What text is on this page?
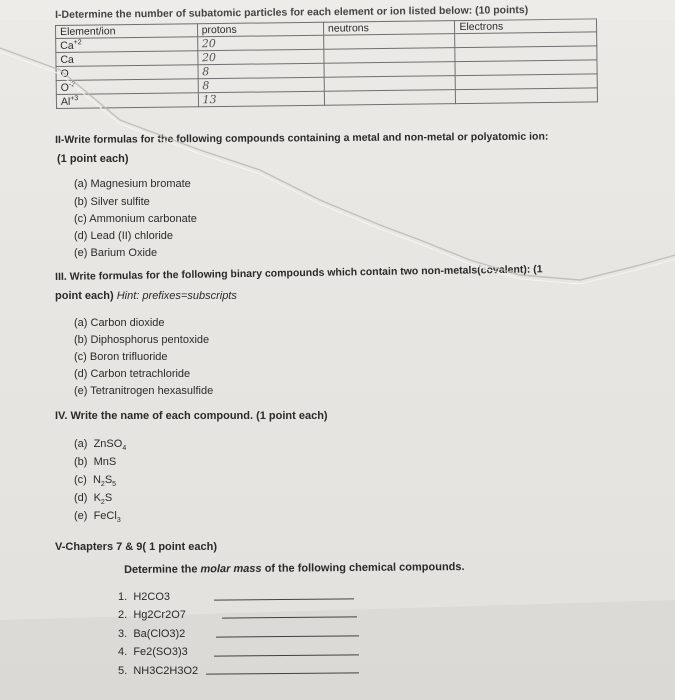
I-Determine the number of subatomic particles for each element or ion listed below: (10 points)
Element/ion	protons	neutrons	Electrons
$Ca^{+2}$	20		
Ca	20		
O	8		
$O^{-2}$	8		
$Al^{+3}$	13		
II-Write formulas for the following compounds containing a metal and non-metal or polyatomic ion:
(1 point each)
(a) Magnesium bromate
(b) Silver sulfite
(c) Ammonium carbonate
(d) Lead (II) chloride
(e) Barium Oxide
III. Write formulas for the following binary compounds which contain two non-metals(covalent): (1
point each) Hint: prefixes=subscripts
(a) Carbon dioxide
(b) Diphosphorus pentoxide
(c) Boron trifluoride
(d) Carbon tetrachloride
(e) Tetranitrogen hexasulfide
IV. Write the name of each compound. (1 point each)
(a) ZnSO$_4$
(b) MnS
(c) $N_2S_5$
(d) $K_2S$
(e) FeCl$_3$
V-Chapters 7 & 9( 1 point each)
Determine the molar mass of the following chemical compounds.
1. H2CO3
2. Hg2Cr2O7
3. Ba(ClO3)2
4. Fe2(SO3)3
5. NH3C2H3O2
